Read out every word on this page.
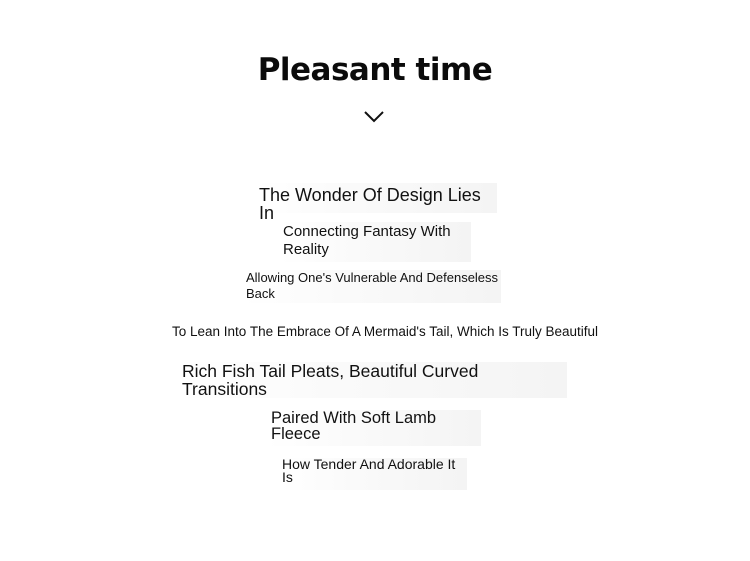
Pleasant time
The Wonder Of Design Lies In
Connecting Fantasy With Reality
Allowing One's Vulnerable And Defenseless Back
To Lean Into The Embrace Of A Mermaid's Tail, Which Is Truly Beautiful
Rich Fish Tail Pleats, Beautiful Curved Transitions
Paired With Soft Lamb Fleece
How Tender And Adorable It Is
